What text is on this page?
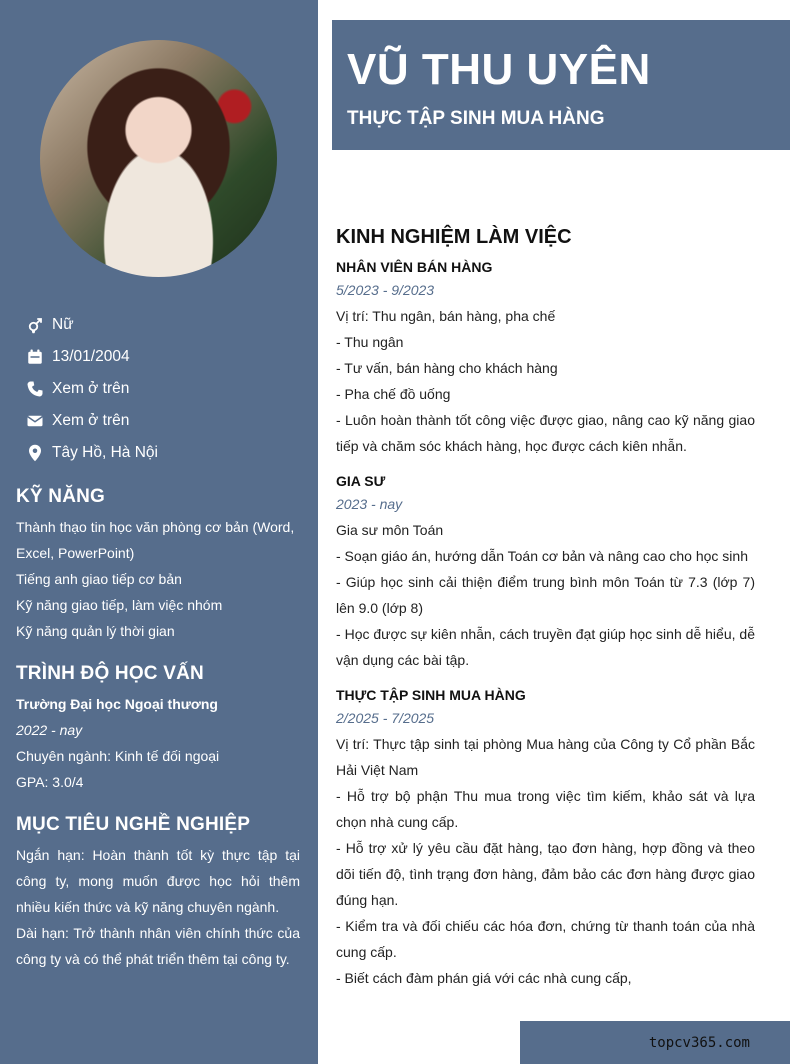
Nữ
13/01/2004
Xem ở trên
Xem ở trên
Tây Hồ, Hà Nội
KỸ NĂNG
Thành thạo tin học văn phòng cơ bản (Word,
Excel, PowerPoint)
Tiếng anh giao tiếp cơ bản
Kỹ năng giao tiếp, làm việc nhóm
Kỹ năng quản lý thời gian
TRÌNH ĐỘ HỌC VẤN
Trường Đại học Ngoại thương
2022 - nay
Chuyên ngành: Kinh tế đối ngoại
GPA: 3.0/4
MỤC TIÊU NGHỀ NGHIỆP
Ngắn hạn: Hoàn thành tốt kỳ thực tập tại công ty, mong muốn được học hỏi thêm nhiều kiến thức và kỹ năng chuyên ngành.
Dài hạn: Trở thành nhân viên chính thức của công ty và có thể phát triển thêm tại công ty.
VŨ THU UYÊN
THỰC TẬP SINH MUA HÀNG
KINH NGHIỆM LÀM VIỆC
NHÂN VIÊN BÁN HÀNG
5/2023 - 9/2023
Vị trí: Thu ngân, bán hàng, pha chế
- Thu ngân
- Tư vấn, bán hàng cho khách hàng
- Pha chế đồ uống
- Luôn hoàn thành tốt công việc được giao, nâng cao kỹ năng giao tiếp và chăm sóc khách hàng, học được cách kiên nhẫn.
GIA SƯ
2023 - nay
Gia sư môn Toán
- Soạn giáo án, hướng dẫn Toán cơ bản và nâng cao cho học sinh
- Giúp học sinh cải thiện điểm trung bình môn Toán từ 7.3 (lớp 7) lên 9.0 (lớp 8)
- Học được sự kiên nhẫn, cách truyền đạt giúp học sinh dễ hiểu, dễ vận dụng các bài tập.
THỰC TẬP SINH MUA HÀNG
2/2025 - 7/2025
Vị trí: Thực tập sinh tại phòng Mua hàng của Công ty Cổ phần Bắc Hải Việt Nam
- Hỗ trợ bộ phận Thu mua trong việc tìm kiếm, khảo sát và lựa chọn nhà cung cấp.
- Hỗ trợ xử lý yêu cầu đặt hàng, tạo đơn hàng, hợp đồng và theo dõi tiến độ, tình trạng đơn hàng, đảm bảo các đơn hàng được giao đúng hạn.
- Kiểm tra và đối chiếu các hóa đơn, chứng từ thanh toán của nhà cung cấp.
- Biết cách đàm phán giá với các nhà cung cấp,
topcv365.com
